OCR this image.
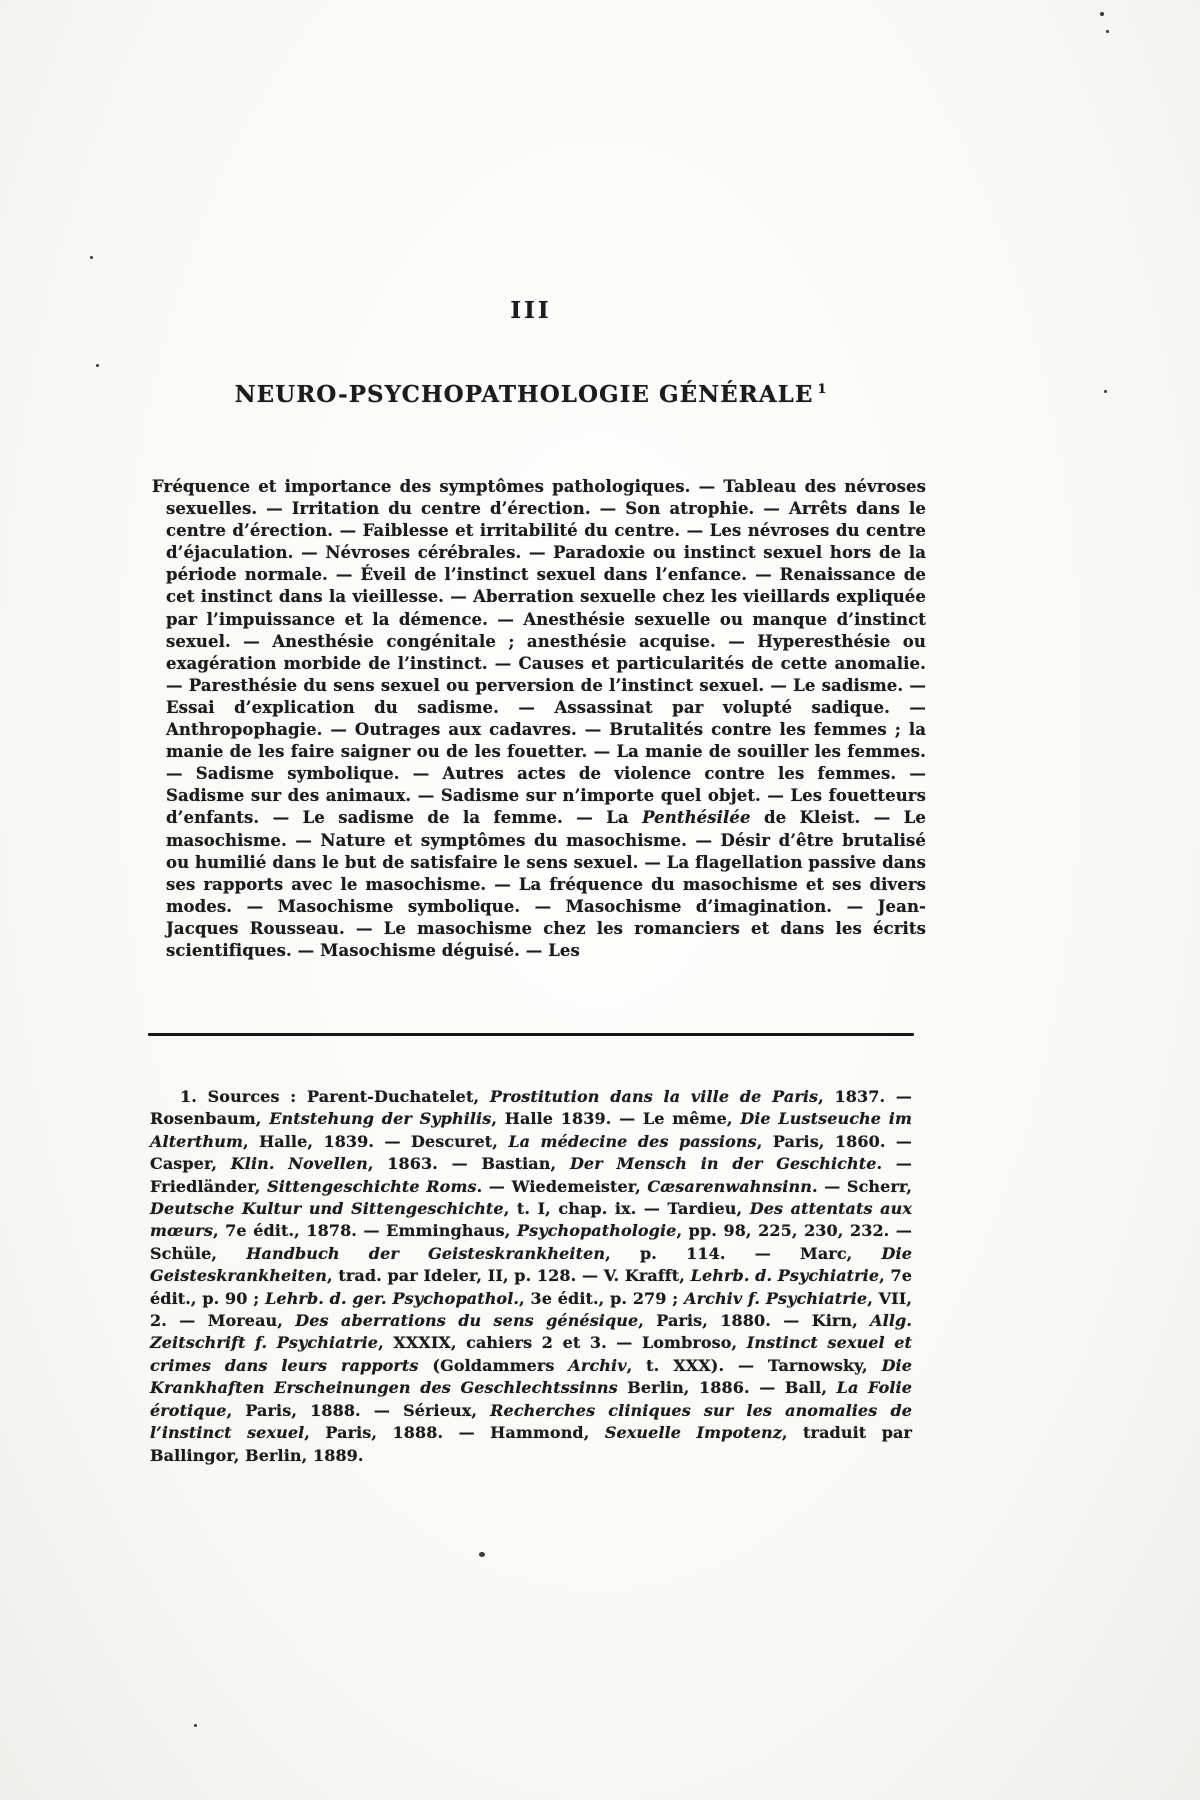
III
NEURO-PSYCHOPATHOLOGIE GÉNÉRALE $^1$
Fréquence et importance des symptômes pathologiques. — Tableau des névroses sexuelles. — Irritation du centre d’érection. — Son atrophie. — Arrêts dans le centre d’érection. — Faiblesse et irritabilité du centre. — Les névroses du centre d’éjaculation. — Névroses cérébrales. — Paradoxie ou instinct sexuel hors de la période normale. — Éveil de l’instinct sexuel dans l’enfance. — Renaissance de cet instinct dans la vieillesse. — Aberration sexuelle chez les vieillards expliquée par l’impuissance et la démence. — Anesthésie sexuelle ou manque d’instinct sexuel. — Anesthésie congénitale ; anesthésie acquise. — Hyperesthésie ou exagération morbide de l’instinct. — Causes et particularités de cette anomalie. — Paresthésie du sens sexuel ou perversion de l’instinct sexuel. — Le sadisme. — Essai d’explication du sadisme. — Assassinat par volupté sadique. — Anthropophagie. — Outrages aux cadavres. — Brutalités contre les femmes ; la manie de les faire saigner ou de les fouetter. — La manie de souiller les femmes. — Sadisme symbolique. — Autres actes de violence contre les femmes. — Sadisme sur des animaux. — Sadisme sur n’importe quel objet. — Les fouetteurs d’enfants. — Le sadisme de la femme. — La Penthésilée de Kleist. — Le masochisme. — Nature et symptômes du masochisme. — Désir d’être brutalisé ou humilié dans le but de satisfaire le sens sexuel. — La flagellation passive dans ses rapports avec le masochisme. — La fréquence du masochisme et ses divers modes. — Masochisme symbolique. — Masochisme d’imagination. — Jean-Jacques Rousseau. — Le masochisme chez les romanciers et dans les écrits scientifiques. — Masochisme déguisé. — Les
1. Sources : Parent-Duchatelet, Prostitution dans la ville de Paris, 1837. — Rosenbaum, Entstehung der Syphilis, Halle 1839. — Le même, Die Lustseuche im Alterthum, Halle, 1839. — Descuret, La médecine des passions, Paris, 1860. — Casper, Klin. Novellen, 1863. — Bastian, Der Mensch in der Geschichte. — Friedländer, Sittengeschichte Roms. — Wiedemeister, Cæsarenwahnsinn. — Scherr, Deutsche Kultur und Sittengeschichte, t. I, chap. ix. — Tardieu, Des attentats aux mœurs, 7e édit., 1878. — Emminghaus, Psychopathologie, pp. 98, 225, 230, 232. — Schüle, Handbuch der Geisteskrankheiten, p. 114. — Marc, Die Geisteskrankheiten, trad. par Ideler, II, p. 128. — V. Krafft, Lehrb. d. Psychiatrie, 7e édit., p. 90 ; Lehrb. d. ger. Psychopathol., 3e édit., p. 279 ; Archiv f. Psychiatrie, VII, 2. — Moreau, Des aberrations du sens génésique, Paris, 1880. — Kirn, Allg. Zeitschrift f. Psychiatrie, XXXIX, cahiers 2 et 3. — Lombroso, Instinct sexuel et crimes dans leurs rapports (Goldammers Archiv, t. XXX). — Tarnowsky, Die Krankhaften Erscheinungen des Geschlechtssinns Berlin, 1886. — Ball, La Folie érotique, Paris, 1888. — Sérieux, Recherches cliniques sur les anomalies de l’instinct sexuel, Paris, 1888. — Hammond, Sexuelle Impotenz, traduit par Ballingor, Berlin, 1889.
